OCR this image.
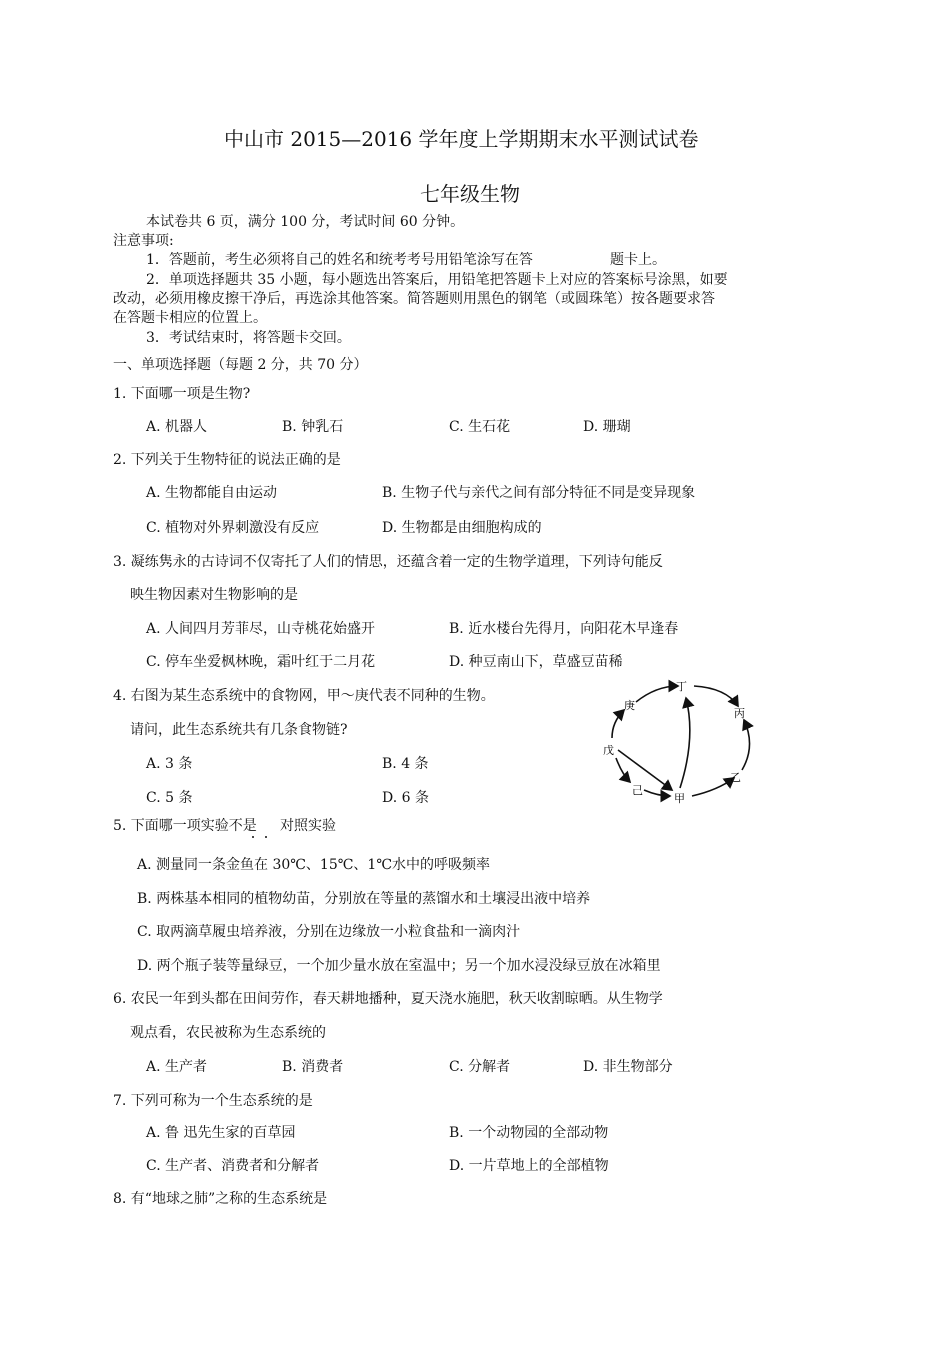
中山市 2015—2016 学年度上学期期末水平测试试卷
七年级生物
本试卷共 6 页，满分 100 分，考试时间 60 分钟。
注意事项:
1．答题前，考生必须将自己的姓名和统考考号用铅笔涂写在答	题卡上。
2．单项选择题共 35 小题，每小题选出答案后，用铅笔把答题卡上对应的答案标号涂黑，如要
改动，必须用橡皮擦干净后，再选涂其他答案。简答题则用黑色的钢笔（或圆珠笔）按各题要求答
在答题卡相应的位置上。
3．考试结束时，将答题卡交回。
一、单项选择题（每题 2 分，共 70 分）
1. 下面哪一项是生物?
A. 机器人	B. 钟乳石	C. 生石花	D. 珊瑚
2. 下列关于生物特征的说法正确的是
A. 生物都能自由运动	B. 生物子代与亲代之间有部分特征不同是变异现象
C. 植物对外界刺激没有反应	D. 生物都是由细胞构成的
3. 凝练隽永的古诗词不仅寄托了人们的情思，还蕴含着一定的生物学道理，下列诗句能反
映生物因素对生物影响的是
A. 人间四月芳菲尽，山寺桃花始盛开	B. 近水楼台先得月，向阳花木早逢春
C. 停车坐爱枫林晚，霜叶红于二月花	D. 种豆南山下，草盛豆苗稀
4. 右图为某生态系统中的食物网，甲～庚代表不同种的生物。
请问，此生态系统共有几条食物链?
A. 3 条	B. 4 条
C. 5 条	D. 6 条
庚
丁
丙
戊
乙
己
甲
5. 下面哪一项实验不是 对照实验
A. 测量同一条金鱼在 30℃、15℃、1℃水中的呼吸频率
B. 两株基本相同的植物幼苗，分别放在等量的蒸馏水和土壤浸出液中培养
C. 取两滴草履虫培养液，分别在边缘放一小粒食盐和一滴肉汁
D. 两个瓶子装等量绿豆，一个加少量水放在室温中；另一个加水浸没绿豆放在冰箱里
6. 农民一年到头都在田间劳作，春天耕地播种，夏天浇水施肥，秋天收割晾晒。从生物学
观点看，农民被称为生态系统的
A. 生产者	B. 消费者	C. 分解者	D. 非生物部分
7. 下列可称为一个生态系统的是
A. 鲁 迅先生家的百草园	B. 一个动物园的全部动物
C. 生产者、消费者和分解者	D. 一片草地上的全部植物
8. 有“地球之肺”之称的生态系统是
